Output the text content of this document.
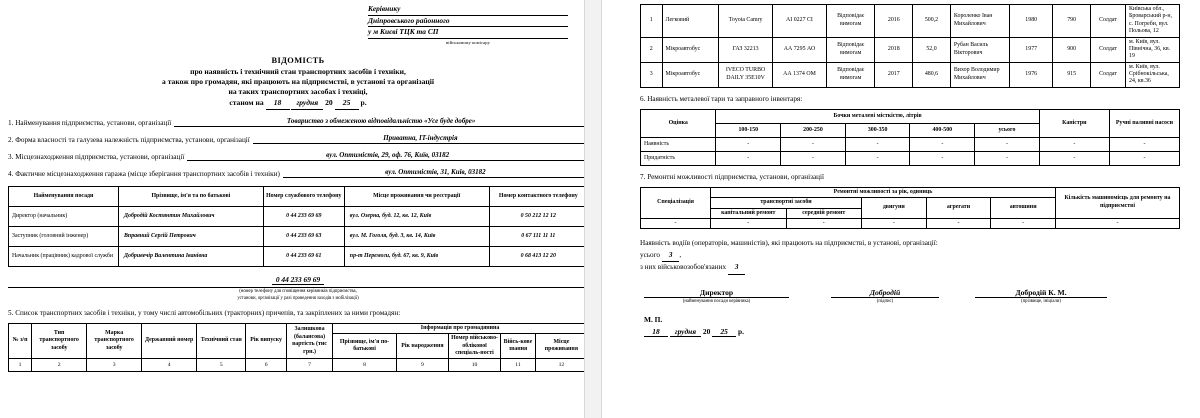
Керівнику
Дніпровського районного
у м Києві ТЦК та СП
військовому комісару
ВІДОМІСТЬ
про наявність і технічний стан транспортних засобів і техніки,
а також про громадян, які працюють на підприємстві, в установі та організації
на таких транспортних засобах і техніці,
станом на 18 грудня 20 25 р.
1. Найменування підприємства, установи, організації	Товариство з обмеженою відповідальністю «Усе буде добре»
2. Форма власності та галузева належність підприємства, установи, організації	Приватна, IT-індустрія
3. Місцезнаходження підприємства, установи, організації	вул. Оптимістів, 29, оф. 76, Київ, 03182
4. Фактичне місцезнаходження гаража (місце зберігання транспортних засобів і техніки)	вул. Оптимістів, 31, Київ, 03182
Найменування посади	Прізвище, ім'я та по батькові	Номер службового телефону	Місце проживання чи реєстрації	Номер контактного телефону
Директор (начальник)	Добродій Костянтин Михайлович	0 44 233 69 69	вул. Озерна, буд. 12, кв. 12, Київ	0 50 212 12 12
Заступник (головний інженер)	Вправний Сергій Петрович	0 44 233 69 63	вул. М. Гоголя, буд. 3, кв. 14, Київ	0 67 111 11 11
Начальник (працівник) кадрової служби	Добривечір Валентина Іванівна	0 44 233 69 61	пр-т Перемоги, буд. 67, кв. 9, Київ	0 68 413 12 20
0 44 233 69 69
(номер телефону для сповіщення керівників підприємства,
установи, організації у разі проведення заходів з мобілізації)
5. Список транспортних засобів і техніки, у тому числі автомобільних (тракторних) причепів, та закріплених за ними громадян:
№ з/п	Тип транспортного засобу	Марка транспортного засобу	Державний номер	Технічний стан	Рік випуску	Залишкова (балансова) вартість (тис грн.)	Інформація про громадянина				
							Прізвище, ім'я по-батькові	Рік народження	Номер військово-облікової спеціаль-ності	Війсь-кове звання	Місце проживання
1	2	3	4	5	6	7	8	9	10	11	12
1	Легковий	Toyota Camry	АІ 0227 СІ	Відповідає вимогам	2016	500,2	Короленко Іван Михайлович	1980	790	Солдат	Київська обл., Броварський р-н, с. Погреби, вул. Польова, 12
2	Мікроавтобус	ГАЗ 32213	АА 7295 АО	Відповідає вимогам	2018	52,0	Рубан Василь Вікторович	1977	900	Солдат	м. Київ, вул. Північна, 36, кв. 19
3	Мікроавтобус	IVECO TURBO DAILY 35E10V	АА 1374 ОМ	Відповідає вимогам	2017	480,6	Вихор Володимир Михайлович	1976	915	Солдат	м. Київ, вул. Срібнокільська, 24, кв.36
6. Наявність металевої тари та заправного інвентаря:
Оцінка	Бочки металеві місткістю, літрів					Каністри	Ручні паливні насоси
	100-150	200-250	300-350	400-500	усього		
Наявність	-	-	-	-	-	-	-
Придатність	-	-	-	-	-	-	-
7. Ремонтні можливості підприємства, установи, організації
Спеціалізація	Ремонтні можливості за рік, одиниць					Кількість машиномісць для ремонту на підприємстві
	транспортні засоби		двигуни	агрегати	автошини	
	капітальний ремонт	середній ремонт				
-	-	-	-	-	-	-
Наявність водіїв (операторів, машиністів), які працюють на підприємстві, в установі, організації:
усього 3 ,
з них військовозобов'язаних 3
Директор
(найменування посади керівника)
Добродій
(підпис)
Добродій К. М.
(прізвище, ініціали)
М. П.
18 грудня 20 25 р.
